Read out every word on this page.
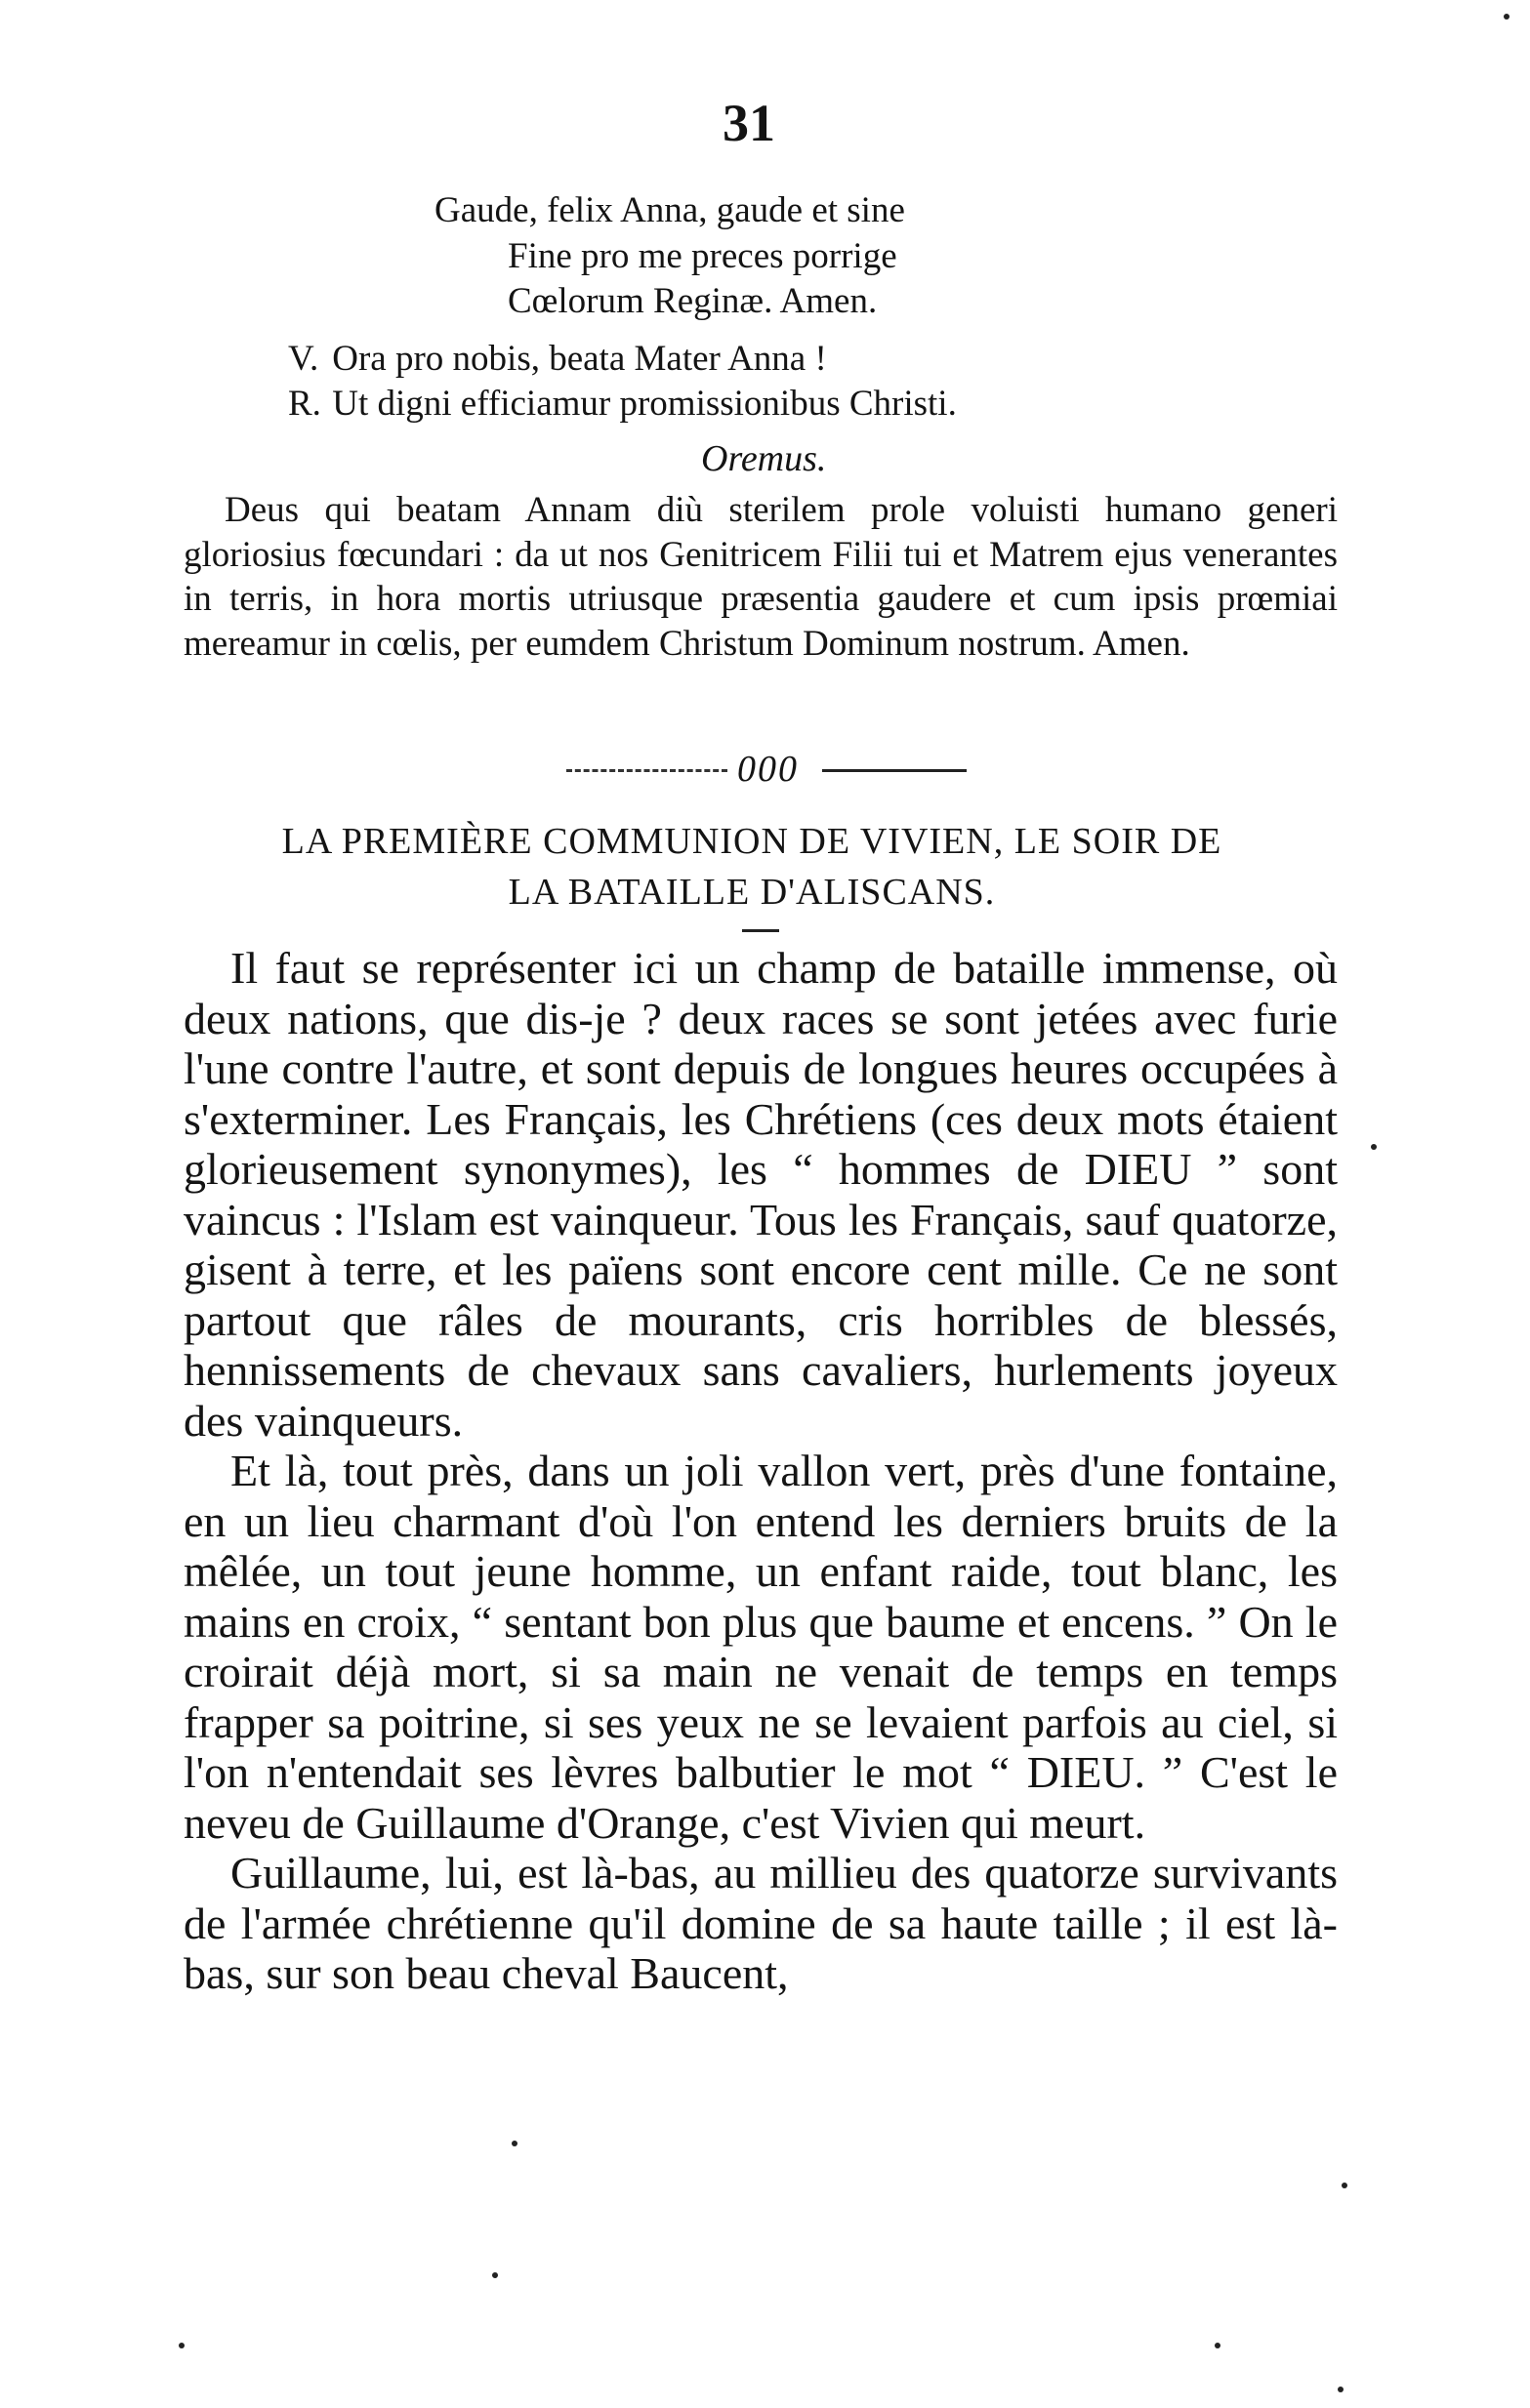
31
Gaude, felix Anna, gaude et sine
Fine pro me preces porrige
Cœlorum Reginæ. Amen.
V. Ora pro nobis, beata Mater Anna !
R. Ut digni efficiamur promissionibus Christi.
Oremus.

Deus qui beatam Annam diù sterilem prole voluisti humano generi gloriosius fœcundari : da ut nos Genitricem Filii tui et Matrem ejus venerantes in terris, in hora mortis utriusque præsentia gaudere et cum ipsis prœmiai mereamur in cœlis, per eumdem Christum Dominum nostrum. Amen.

000
LA PREMIÈRE COMMUNION DE VIVIEN, LE SOIR DE
LA BATAILLE D'ALISCANS.

Il faut se représenter ici un champ de bataille immense, où deux nations, que dis-je ? deux races se sont jetées avec furie l'une contre l'autre, et sont depuis de longues heures occupées à s'exterminer. Les Français, les Chrétiens (ces deux mots étaient glorieusement synonymes), les “ hommes de DIEU ” sont vaincus : l'Islam est vainqueur. Tous les Français, sauf quatorze, gisent à terre, et les païens sont encore cent mille. Ce ne sont partout que râles de mourants, cris horribles de blessés, hennissements de chevaux sans cavaliers, hurlements joyeux des vainqueurs.

Et là, tout près, dans un joli vallon vert, près d'une fontaine, en un lieu charmant d'où l'on entend les derniers bruits de la mêlée, un tout jeune homme, un enfant raide, tout blanc, les mains en croix, “ sentant bon plus que baume et encens. ” On le croirait déjà mort, si sa main ne venait de temps en temps frapper sa poitrine, si ses yeux ne se levaient parfois au ciel, si l'on n'entendait ses lèvres balbutier le mot “ DIEU. ” C'est le neveu de Guillaume d'Orange, c'est Vivien qui meurt.

Guillaume, lui, est là-bas, au millieu des quatorze survivants de l'armée chrétienne qu'il domine de sa haute taille ; il est là-bas, sur son beau cheval Baucent,
